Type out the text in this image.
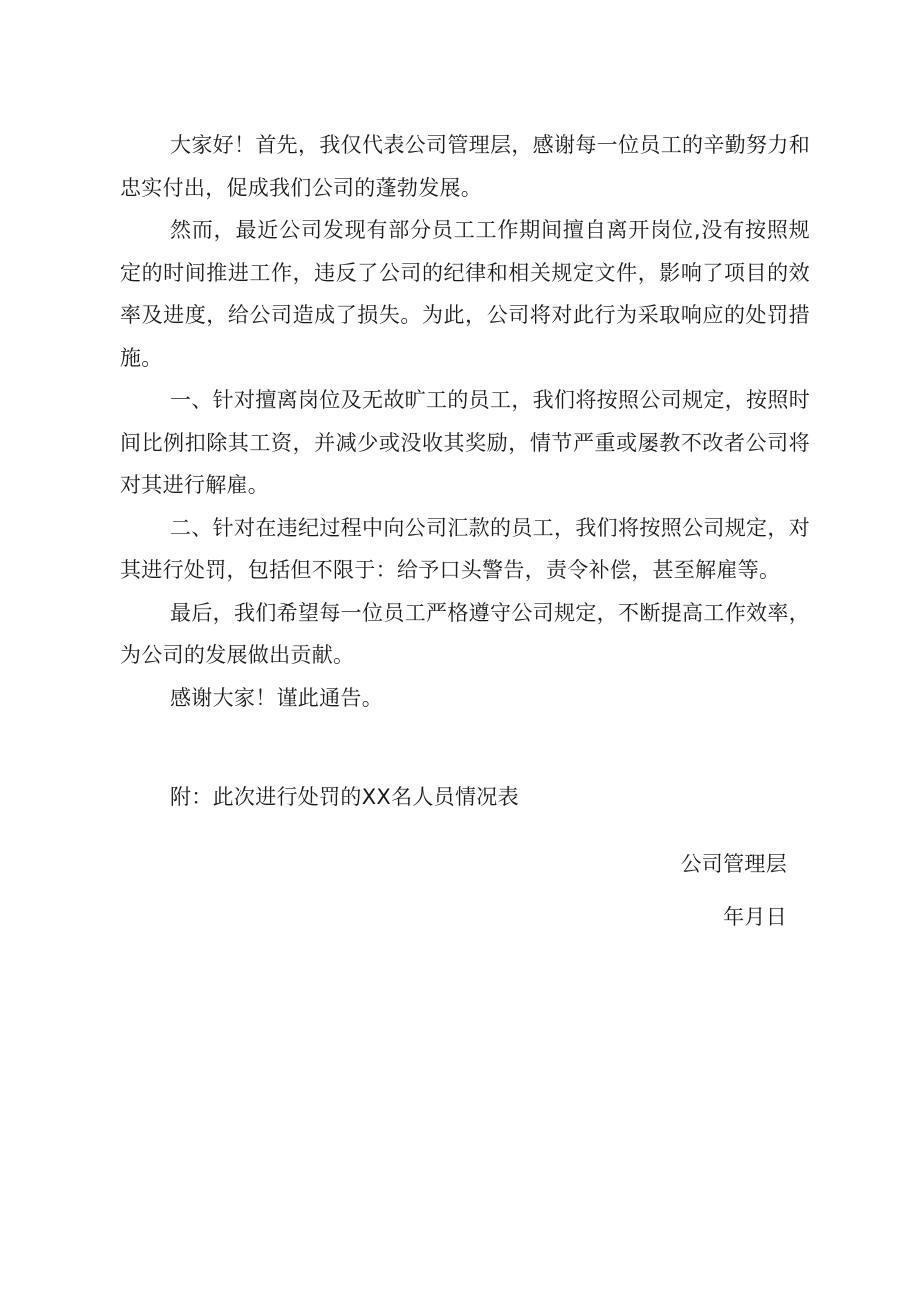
大家好！首先，我仅代表公司管理层，感谢每一位员工的辛勤努力和忠实付出，促成我们公司的蓬勃发展。

然而，最近公司发现有部分员工工作期间擅自离开岗位,没有按照规定的时间推进工作，违反了公司的纪律和相关规定文件，影响了项目的效率及进度，给公司造成了损失。为此，公司将对此行为采取响应的处罚措施。

一、针对擅离岗位及无故旷工的员工，我们将按照公司规定，按照时间比例扣除其工资，并减少或没收其奖励，情节严重或屡教不改者公司将对其进行解雇。

二、针对在违纪过程中向公司汇款的员工，我们将按照公司规定，对其进行处罚，包括但不限于：给予口头警告，责令补偿，甚至解雇等。

最后，我们希望每一位员工严格遵守公司规定，不断提高工作效率，为公司的发展做出贡献。

感谢大家！谨此通告。

附：此次进行处罚的XX名人员情况表
公司管理层
年月日
